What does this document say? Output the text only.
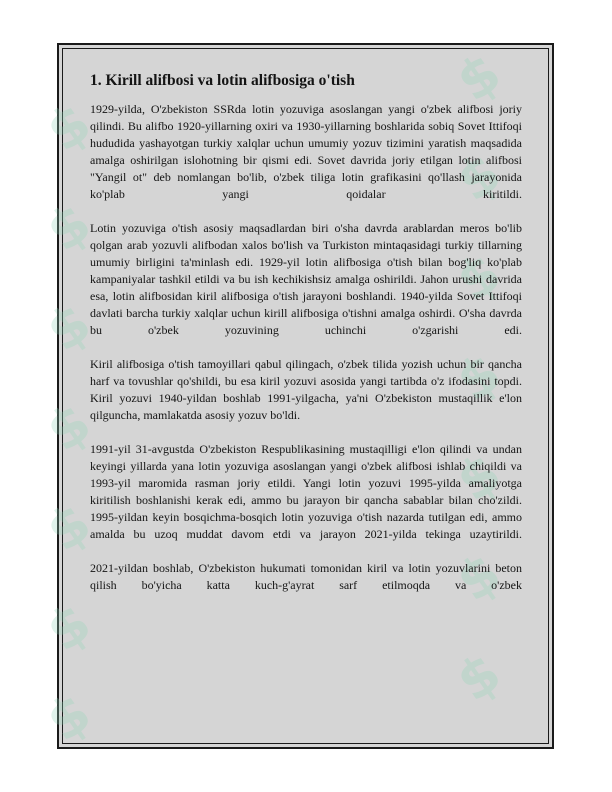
$
$
$
$
$
$
$
$
$
$
$
$
$
$
1. Kirill alifbosi va lotin alifbosiga o'tish

1929-yilda, O'zbekiston SSRda lotin yozuviga asoslangan yangi o'zbek alifbosi joriy qilindi. Bu alifbo 1920-yillarning oxiri va 1930-yillarning boshlarida sobiq Sovet Ittifoqi hududida yashayotgan turkiy xalqlar uchun umumiy yozuv tizimini yaratish maqsadida amalga oshirilgan islohotning bir qismi edi. Sovet davrida joriy etilgan lotin alifbosi "Yangil ot" deb nomlangan bo'lib, o'zbek tiliga lotin grafikasini qo'llash jarayonida ko'plab yangi qoidalar kiritildi.

Lotin yozuviga o'tish asosiy maqsadlardan biri o'sha davrda arablardan meros bo'lib qolgan arab yozuvli alifbodan xalos bo'lish va Turkiston mintaqasidagi turkiy tillarning umumiy birligini ta'minlash edi. 1929-yil lotin alifbosiga o'tish bilan bog'liq ko'plab kampaniyalar tashkil etildi va bu ish kechikishsiz amalga oshirildi. Jahon urushi davrida esa, lotin alifbosidan kiril alifbosiga o'tish jarayoni boshlandi. 1940-yilda Sovet Ittifoqi davlati barcha turkiy xalqlar uchun kirill alifbosiga o'tishni amalga oshirdi. O'sha davrda bu o'zbek yozuvining uchinchi o'zgarishi edi.

Kiril alifbosiga o'tish tamoyillari qabul qilingach, o'zbek tilida yozish uchun bir qancha harf va tovushlar qo'shildi, bu esa kiril yozuvi asosida yangi tartibda o'z ifodasini topdi. Kiril yozuvi 1940-yildan boshlab 1991-yilgacha, ya'ni O'zbekiston mustaqillik e'lon qilguncha, mamlakatda asosiy yozuv bo'ldi.

1991-yil 31-avgustda O'zbekiston Respublikasining mustaqilligi e'lon qilindi va undan keyingi yillarda yana lotin yozuviga asoslangan yangi o'zbek alifbosi ishlab chiqildi va 1993-yil maromida rasman joriy etildi. Yangi lotin yozuvi 1995-yilda amaliyotga kiritilish boshlanishi kerak edi, ammo bu jarayon bir qancha sabablar bilan cho'zildi. 1995-yildan keyin bosqichma-bosqich lotin yozuviga o'tish nazarda tutilgan edi, ammo amalda bu uzoq muddat davom etdi va jarayon 2021-yilda tekinga uzaytirildi.

2021-yildan boshlab, O'zbekiston hukumati tomonidan kiril va lotin yozuvlarini beton qilish bo'yicha katta kuch-g'ayrat sarf etilmoqda va o'zbek
